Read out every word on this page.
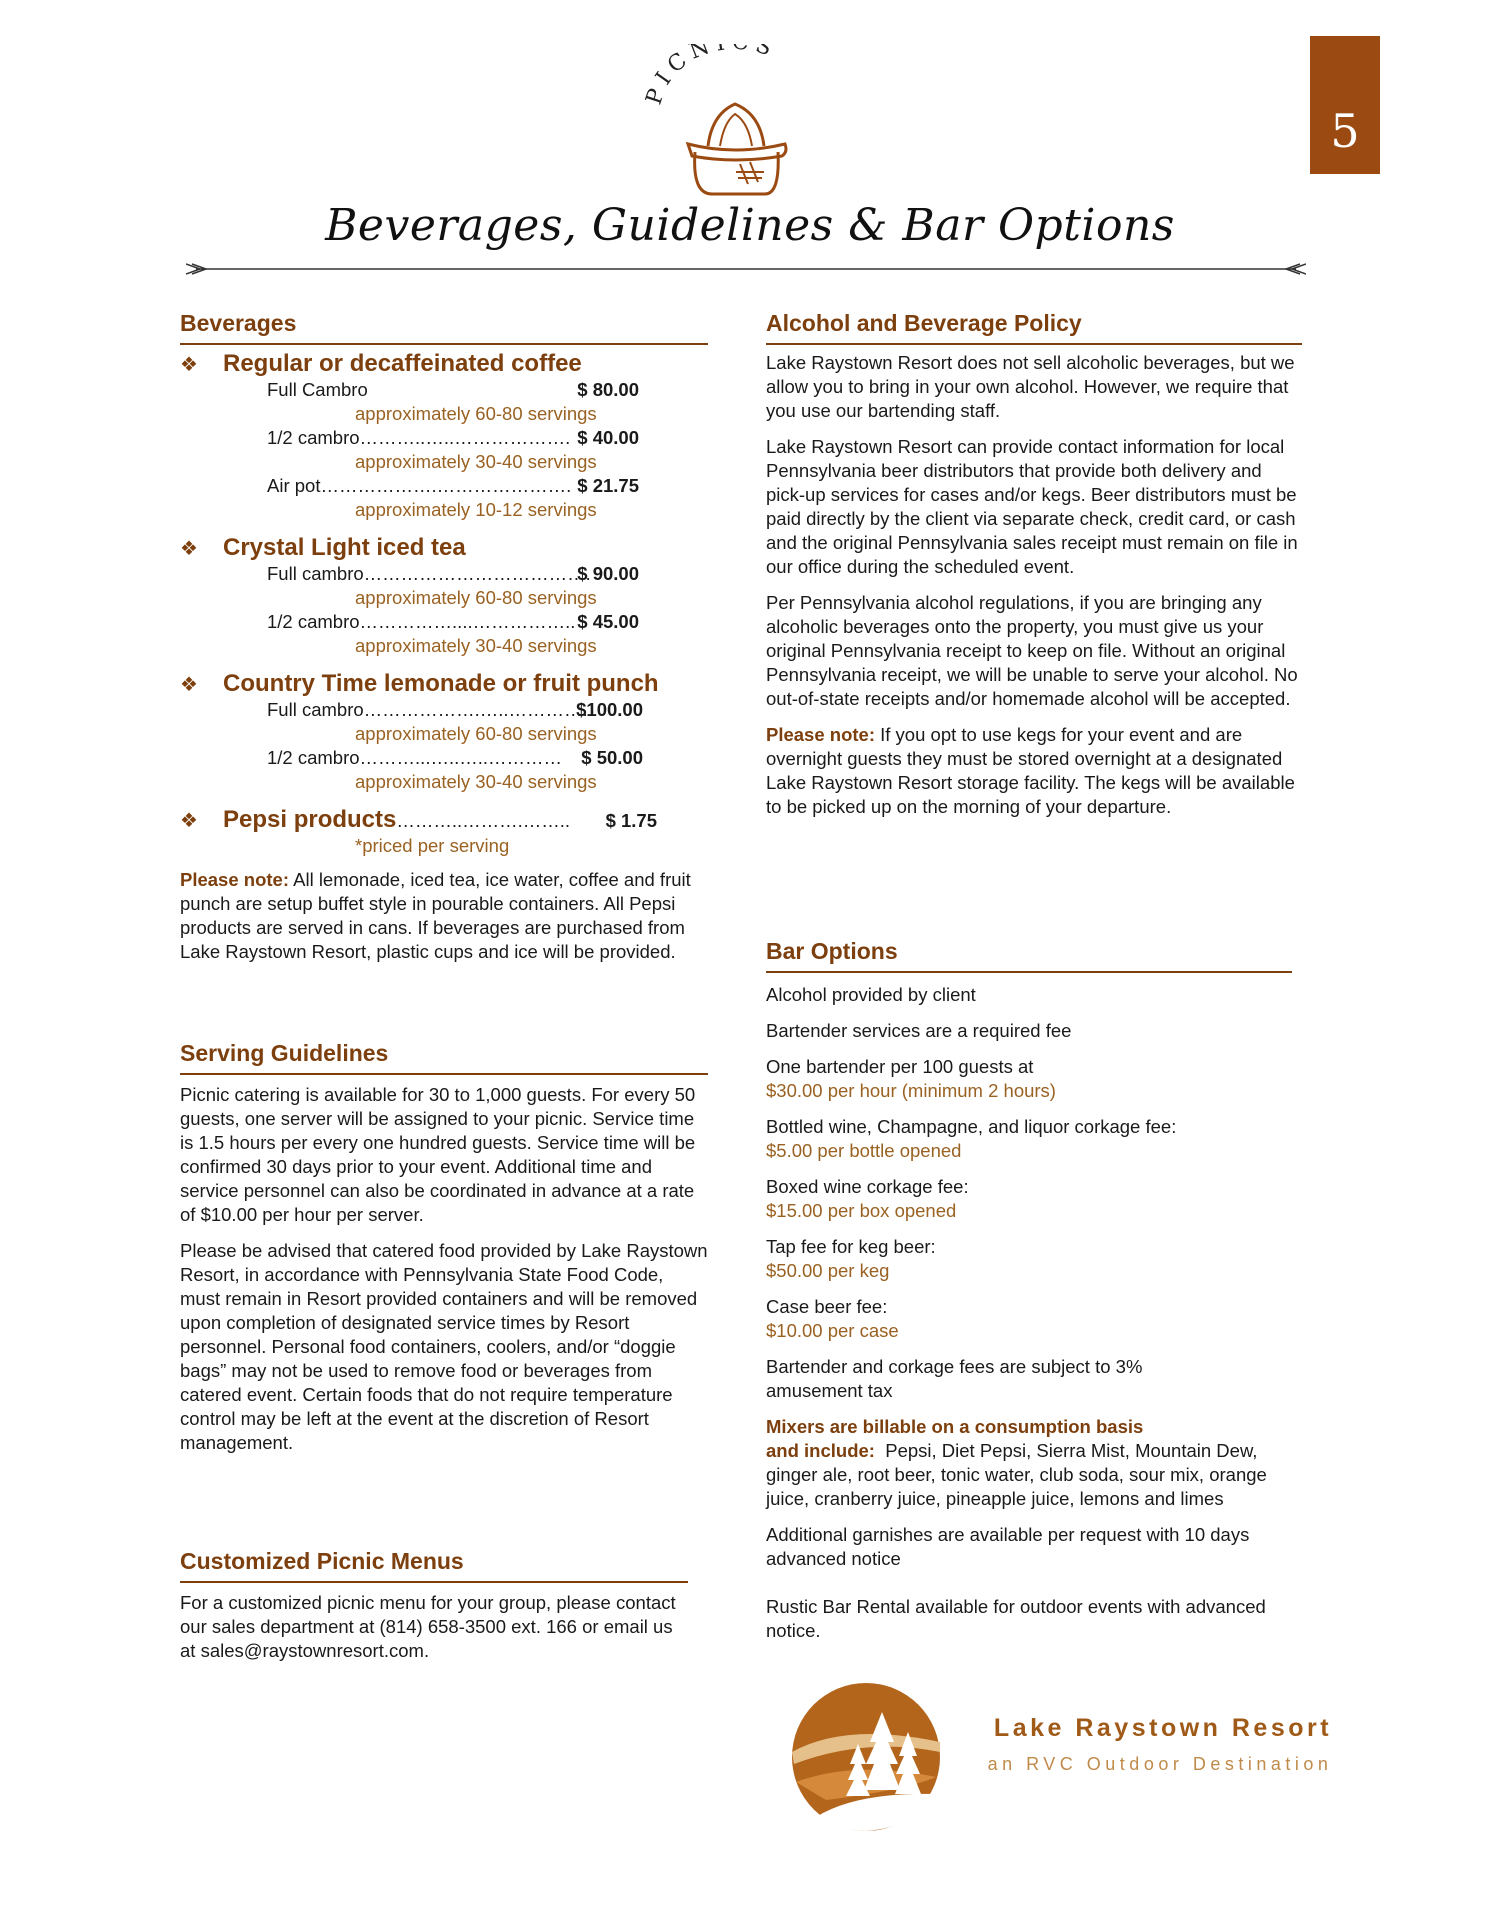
5
PICN S
Beverages, Guidelines & Bar Options
Beverages
❖ Regular or decaffeinated coffee
Full Cambro	$ 80.00
approximately 60-80 servings
1/2 cambro………..…..………………. $ 40.00
approximately 30-40 servings
Air pot……………….…………………. $ 21.75
approximately 10-12 servings
❖ Crystal Light iced tea
Full cambro……………………………….
$ 90.00
approximately 60-80 servings
1/2 cambro……………....…………….. $ 45.00
approximately 30-40 servings
❖ Country Time lemonade or fruit punch
Full cambro……………….…..………….
$100.00
approximately 60-80 servings
1/2 cambro………...…..…..………… $ 50.00
approximately 30-40 servings
❖ Pepsi products………..……….…….. $ 1.75
*priced per serving
Please note: All lemonade, iced tea, ice water, coffee and fruit punch are setup buffet style in pourable containers. All Pepsi products are served in cans. If beverages are purchased from Lake Raystown Resort, plastic cups and ice will be provided.
Serving Guidelines
Picnic catering is available for 30 to 1,000 guests. For every 50 guests, one server will be assigned to your picnic. Service time is 1.5 hours per every one hundred guests. Service time will be confirmed 30 days prior to your event. Additional time and service personnel can also be coordinated in advance at a rate of $10.00 per hour per server.
Please be advised that catered food provided by Lake Raystown Resort, in accordance with Pennsylvania State Food Code, must remain in Resort provided containers and will be removed upon completion of designated service times by Resort personnel. Personal food containers, coolers, and/or “doggie bags” may not be used to remove food or beverages from catered event. Certain foods that do not require temperature control may be left at the event at the discretion of Resort management.
Customized Picnic Menus
For a customized picnic menu for your group, please contact our sales department at (814) 658-3500 ext. 166 or email us at sales@raystownresort.com.
Alcohol and Beverage Policy
Lake Raystown Resort does not sell alcoholic beverages, but we allow you to bring in your own alcohol. However, we require that you use our bartending staff.
Lake Raystown Resort can provide contact information for local Pennsylvania beer distributors that provide both delivery and pick-up services for cases and/or kegs. Beer distributors must be paid directly by the client via separate check, credit card, or cash and the original Pennsylvania sales receipt must remain on file in our office during the scheduled event.
Per Pennsylvania alcohol regulations, if you are bringing any alcoholic beverages onto the property, you must give us your original Pennsylvania receipt to keep on file. Without an original Pennsylvania receipt, we will be unable to serve your alcohol. No out-of-state receipts and/or homemade alcohol will be accepted.
Please note: If you opt to use kegs for your event and are overnight guests they must be stored overnight at a designated Lake Raystown Resort storage facility. The kegs will be available to be picked up on the morning of your departure.
Bar Options
Alcohol provided by client
Bartender services are a required fee
One bartender per 100 guests at
$30.00 per hour (minimum 2 hours)
Bottled wine, Champagne, and liquor corkage fee:
$5.00 per bottle opened
Boxed wine corkage fee:
$15.00 per box opened
Tap fee for keg beer:
$50.00 per keg
Case beer fee:
$10.00 per case
Bartender and corkage fees are subject to 3% amusement tax
Mixers are billable on a consumption basis
and include: Pepsi, Diet Pepsi, Sierra Mist, Mountain Dew, ginger ale, root beer, tonic water, club soda, sour mix, orange juice, cranberry juice, pineapple juice, lemons and limes
Additional garnishes are available per request with 10 days advanced notice
Rustic Bar Rental available for outdoor events with advanced notice.
Lake Raystown Resort
an RVC Outdoor Destination
